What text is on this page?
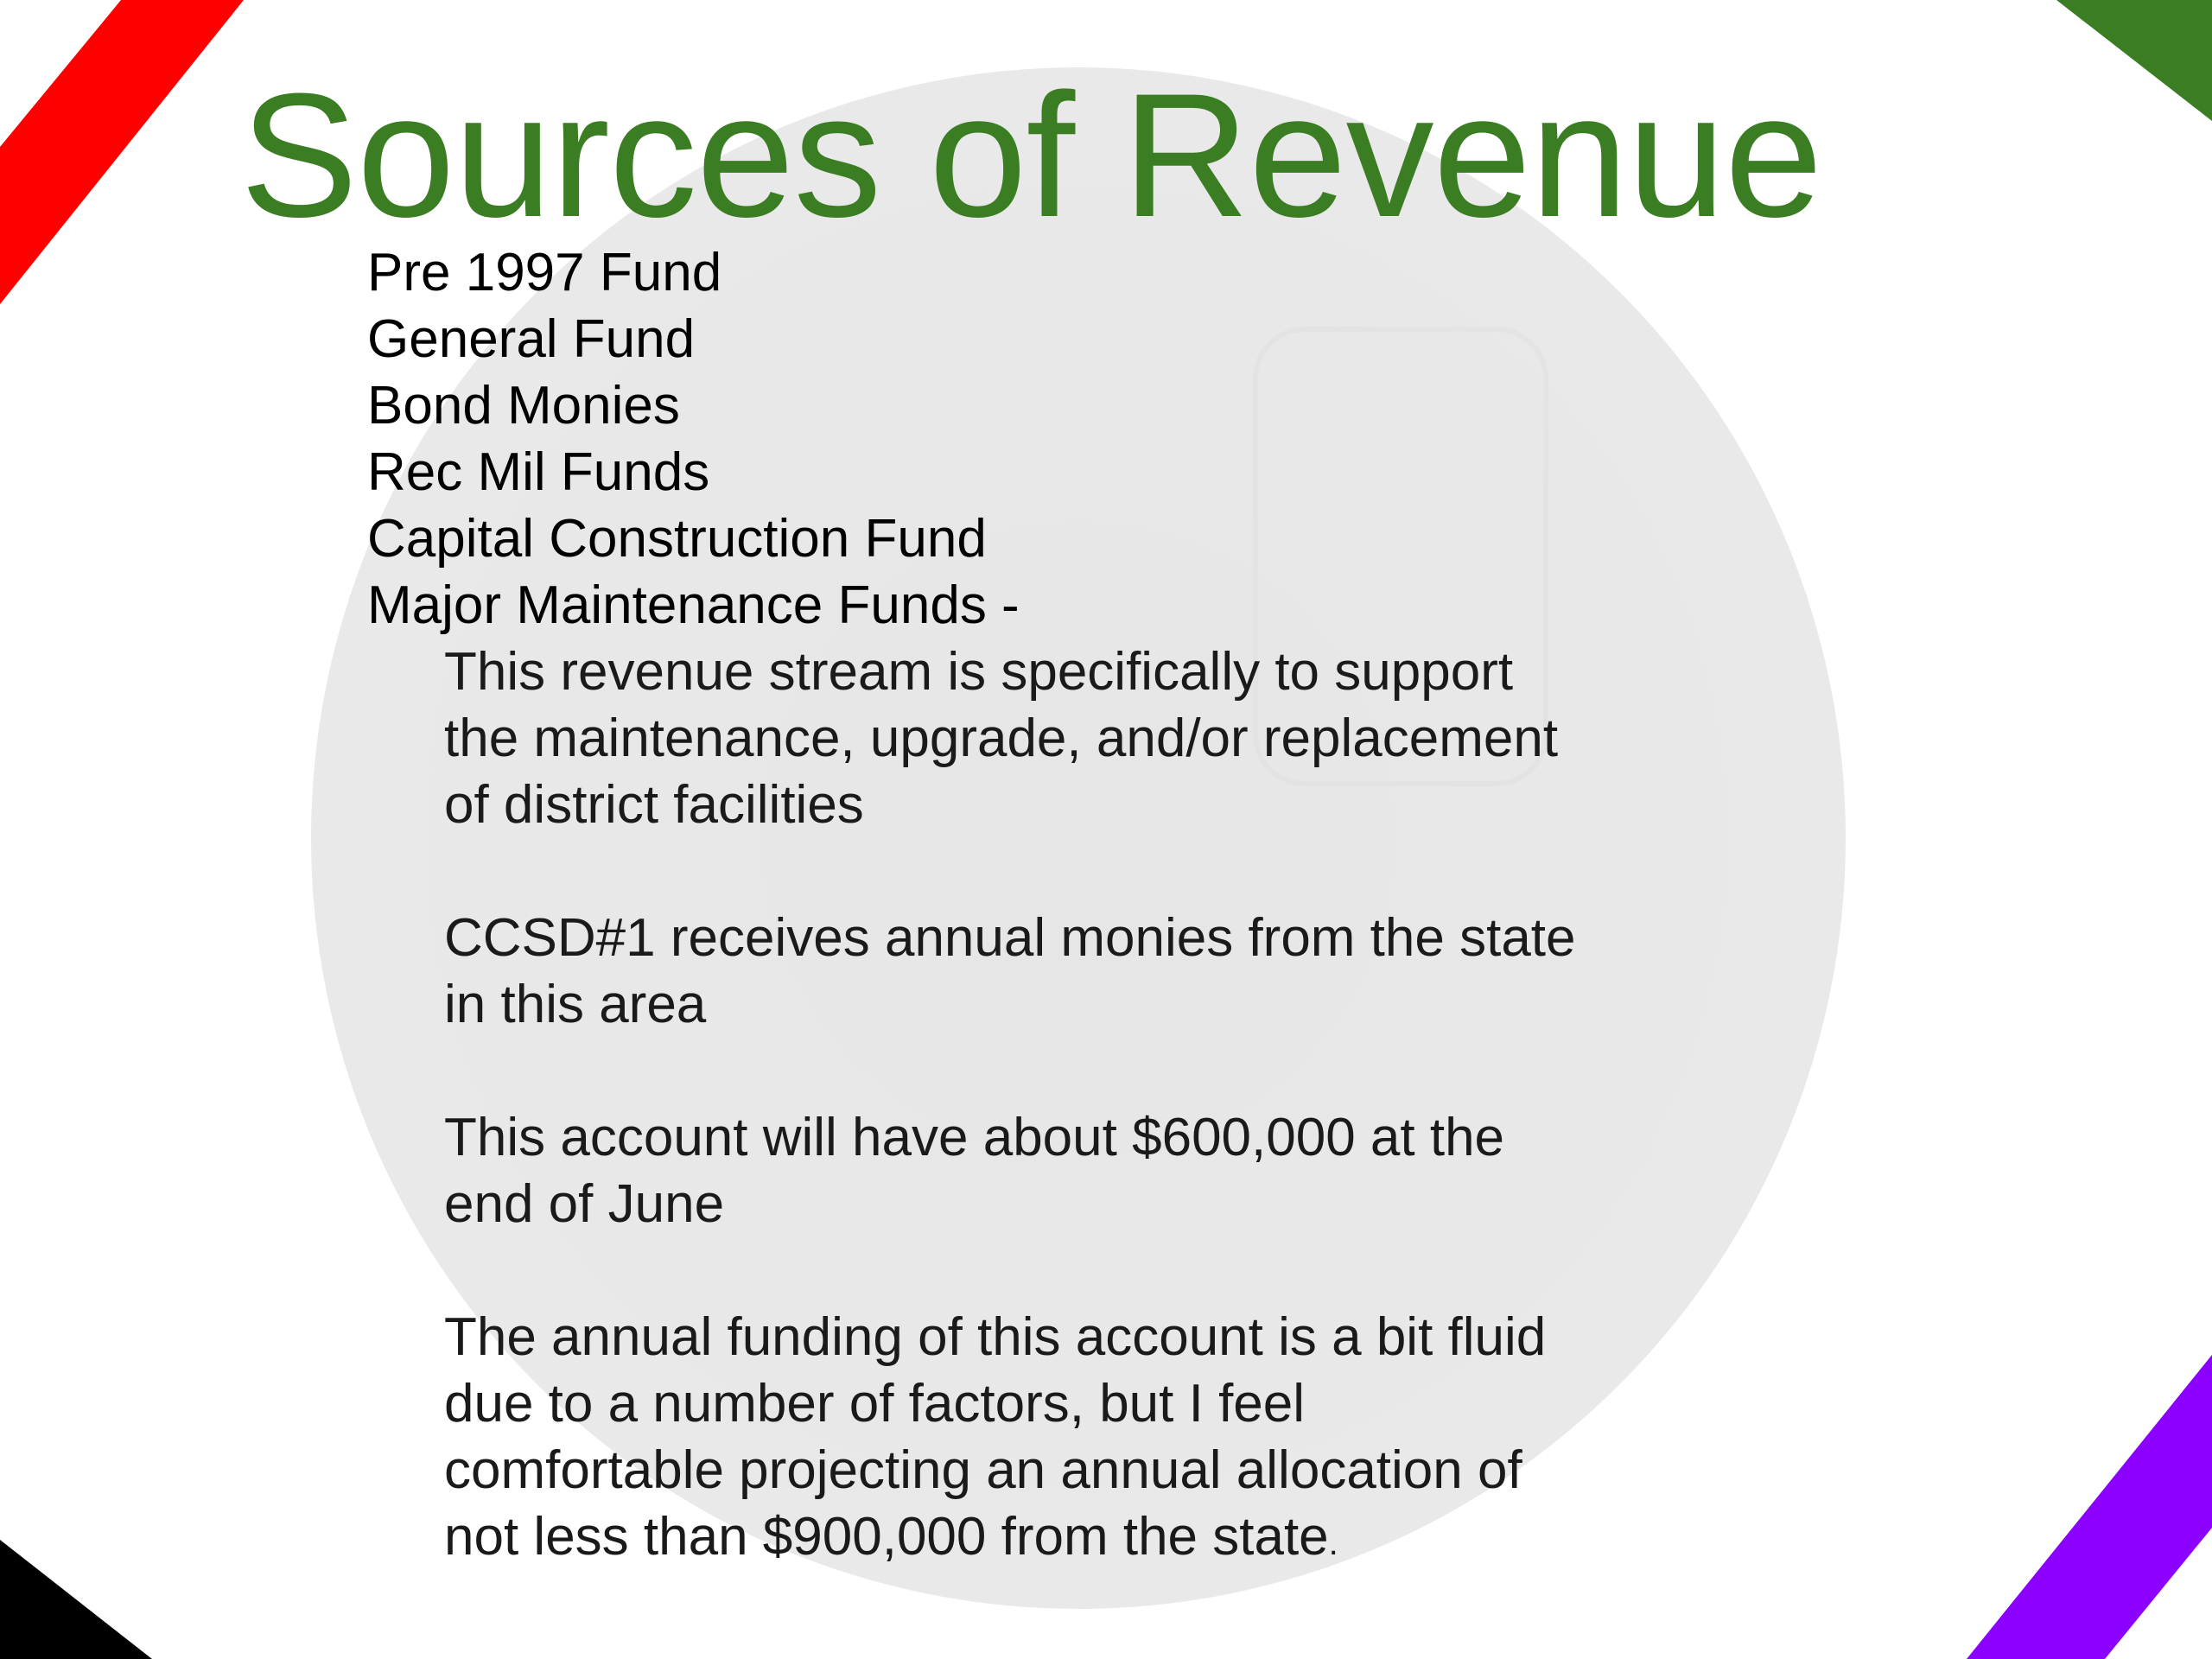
Sources of Revenue
Pre 1997 Fund
General Fund
Bond Monies
Rec Mil Funds
Capital Construction Fund
Major Maintenance Funds -
This revenue stream is specifically to support
the maintenance, upgrade, and/or replacement
of district facilities
CCSD#1 receives annual monies from the state
in this area
This account will have about $600,000 at the
end of June
The annual funding of this account is a bit fluid
due to a number of factors, but I feel
comfortable projecting an annual allocation of
not less than $900,000 from the state.
